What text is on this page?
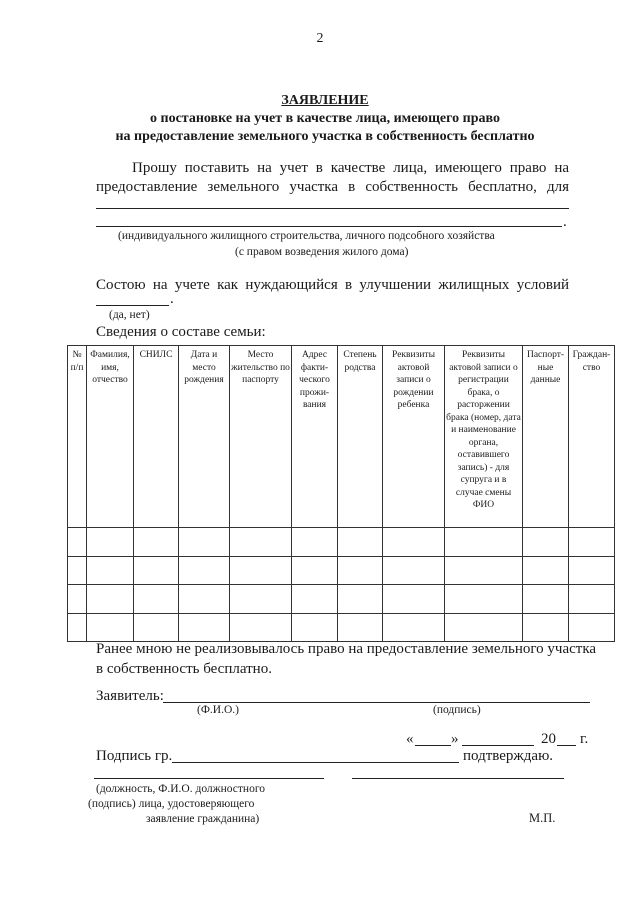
2
ЗАЯВЛЕНИЕ
о постановке на учет в качестве лица, имеющего право
на предоставление земельного участка в собственность бесплатно
Прошу поставить на учет в качестве лица, имеющего право на
предоставление земельного участка в собственность бесплатно, для
.
(индивидуального жилищного строительства, личного подсобного хозяйства
(с правом возведения жилого дома)
Состою на учете как нуждающийся в улучшении жилищных условий
.
(да, нет)
Сведения о составе семьи:
№ п/п	Фамилия, имя, отчество	СНИЛС	Дата и место рождения	Место жительство по паспорту	Адрес факти-ческого прожи-вания	Степень родства	Реквизиты актовой записи о рождении ребенка	Реквизиты актовой записи о регистрации брака, о расторжении брака (номер, дата и наименование органа, оставившего запись) - для супруга и в случае смены ФИО	Паспорт-ные данные	Граждан-ство

Ранее мною не реализовывалось право на предоставление земельного участка
в собственность бесплатно.
Заявитель:
(Ф.И.О.)	(подпись)
«	»	20 г.
Подпись гр.	подтверждаю.
(должность, Ф.И.О. должностного
(подпись) лица, удостоверяющего
заявление гражданина)	М.П.
